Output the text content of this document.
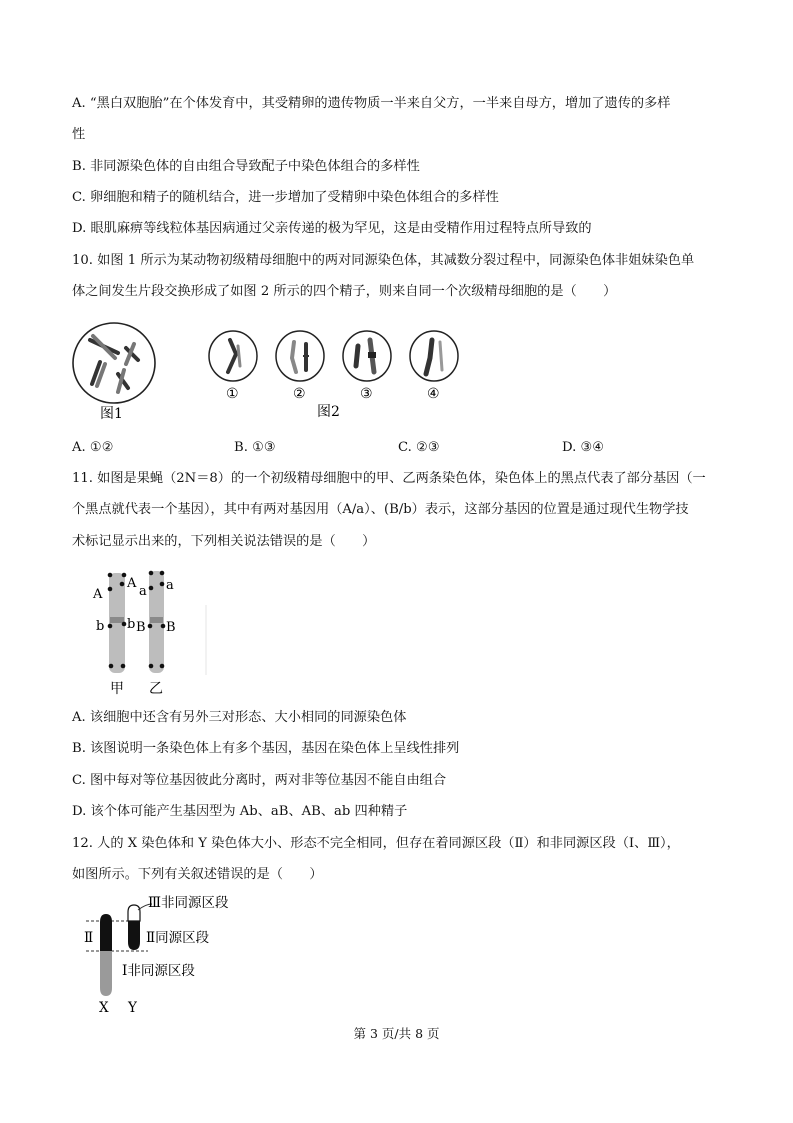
A. “黑白双胞胎”在个体发育中，其受精卵的遗传物质一半来自父方，一半来自母方，增加了遗传的多样
性
B. 非同源染色体的自由组合导致配子中染色体组合的多样性
C. 卵细胞和精子的随机结合，进一步增加了受精卵中染色体组合的多样性
D. 眼肌麻痹等线粒体基因病通过父亲传递的极为罕见，这是由受精作用过程特点所导致的
10. 如图 1 所示为某动物初级精母细胞中的两对同源染色体，其减数分裂过程中，同源染色体非姐妹染色单
体之间发生片段交换形成了如图 2 所示的四个精子，则来自同一个次级精母细胞的是（　　）
图1
①	②	③	④
图2
A. ①②	B. ①③	C. ②③	D. ③④
11. 如图是果蝇（2N＝8）的一个初级精母细胞中的甲、乙两条染色体，染色体上的黑点代表了部分基因（一
个黑点就代表一个基因），其中有两对基因用（A/a）、(B/b）表示，这部分基因的位置是通过现代生物学技
术标记显示出来的，下列相关说法错误的是（　　）
A
A
a a
b b B B
甲 乙
A. 该细胞中还含有另外三对形态、大小相同的同源染色体
B. 该图说明一条染色体上有多个基因，基因在染色体上呈线性排列
C. 图中每对等位基因彼此分离时，两对非等位基因不能自由组合
D. 该个体可能产生基因型为 Ab、aB、AB、ab 四种精子
12. 人的 X 染色体和 Y 染色体大小、形态不完全相同，但存在着同源区段（Ⅱ）和非同源区段（Ⅰ、Ⅲ），
如图所示。下列有关叙述错误的是（　　）
Ⅲ非同源区段
Ⅱ	Ⅱ同源区段
Ⅰ非同源区段
X Y
第 3 页/共 8 页
